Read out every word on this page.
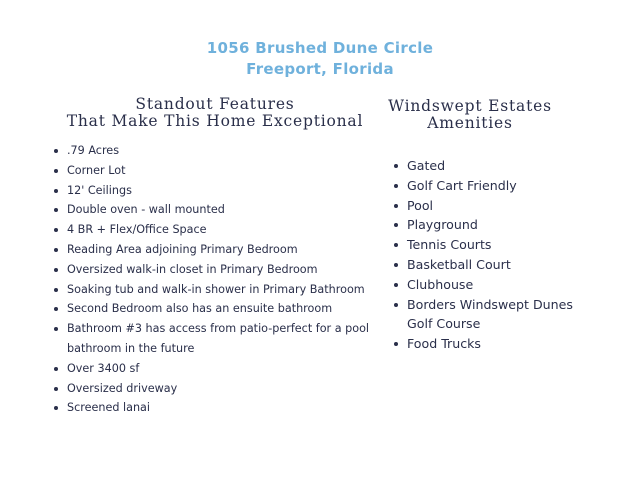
1056 Brushed Dune Circle
Freeport, Florida
Standout Features
That Make This Home Exceptional
Windswept Estates
Amenities
.79 Acres
Corner Lot
12' Ceilings
Double oven - wall mounted
4 BR + Flex/Office Space
Reading Area adjoining Primary Bedroom
Oversized walk-in closet in Primary Bedroom
Soaking tub and walk-in shower in Primary Bathroom
Second Bedroom also has an ensuite bathroom
Bathroom #3 has access from patio-perfect for a pool bathroom in the future
Over 3400 sf
Oversized driveway
Screened lanai
Gated
Golf Cart Friendly
Pool
Playground
Tennis Courts
Basketball Court
Clubhouse
Borders Windswept Dunes Golf Course
Food Trucks
